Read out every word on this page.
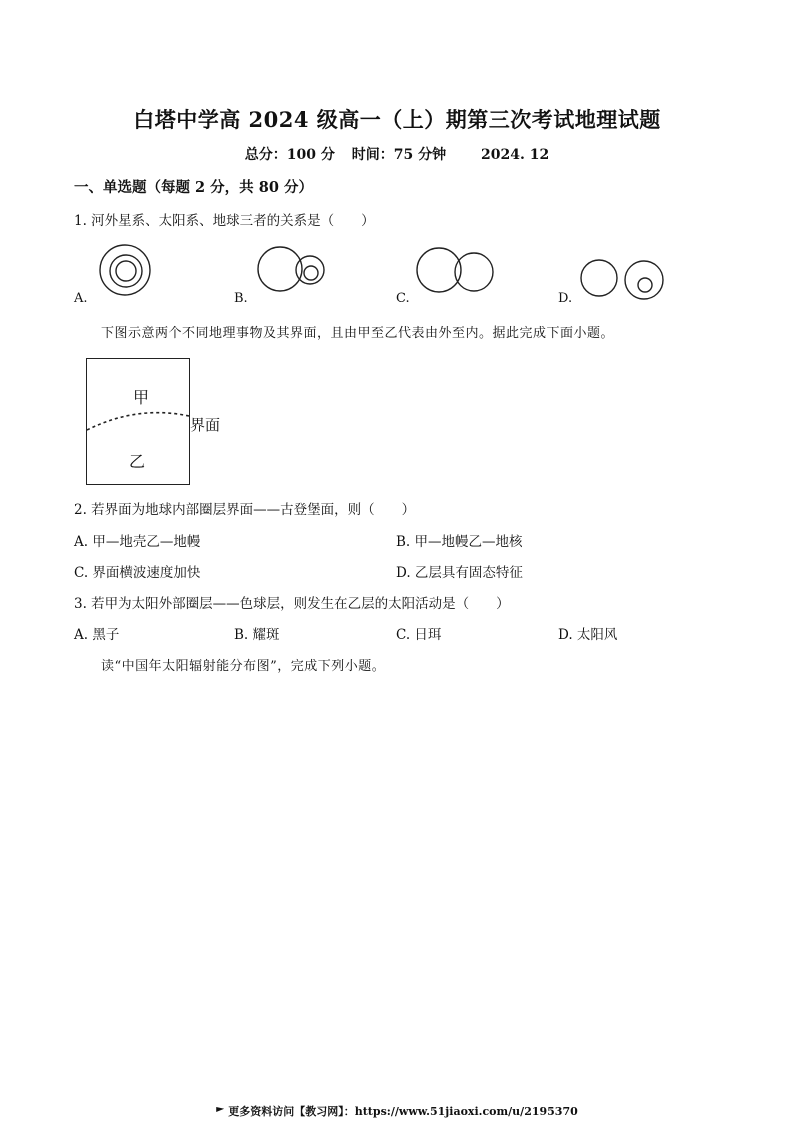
白塔中学高 2024 级高一（上）期第三次考试地理试题
总分：100 分 时间：75 分钟 2024. 12
一、单选题（每题 2 分，共 80 分）
1. 河外星系、太阳系、地球三者的关系是（　　）
A.	B.	C.	D.
下图示意两个不同地理事物及其界面，且由甲至乙代表由外至内。据此完成下面小题。
甲
乙
界面
2. 若界面为地球内部圈层界面——古登堡面，则（　　）
A. 甲—地壳乙—地幔	B. 甲—地幔乙—地核
C. 界面横波速度加快	D. 乙层具有固态特征
3. 若甲为太阳外部圈层——色球层，则发生在乙层的太阳活动是（　　）
A. 黑子	B. 耀斑	C. 日珥	D. 太阳风
读“中国年太阳辐射能分布图”，完成下列小题。
更多资料访问【教习网】：https://www.51jiaoxi.com/u/2195370
